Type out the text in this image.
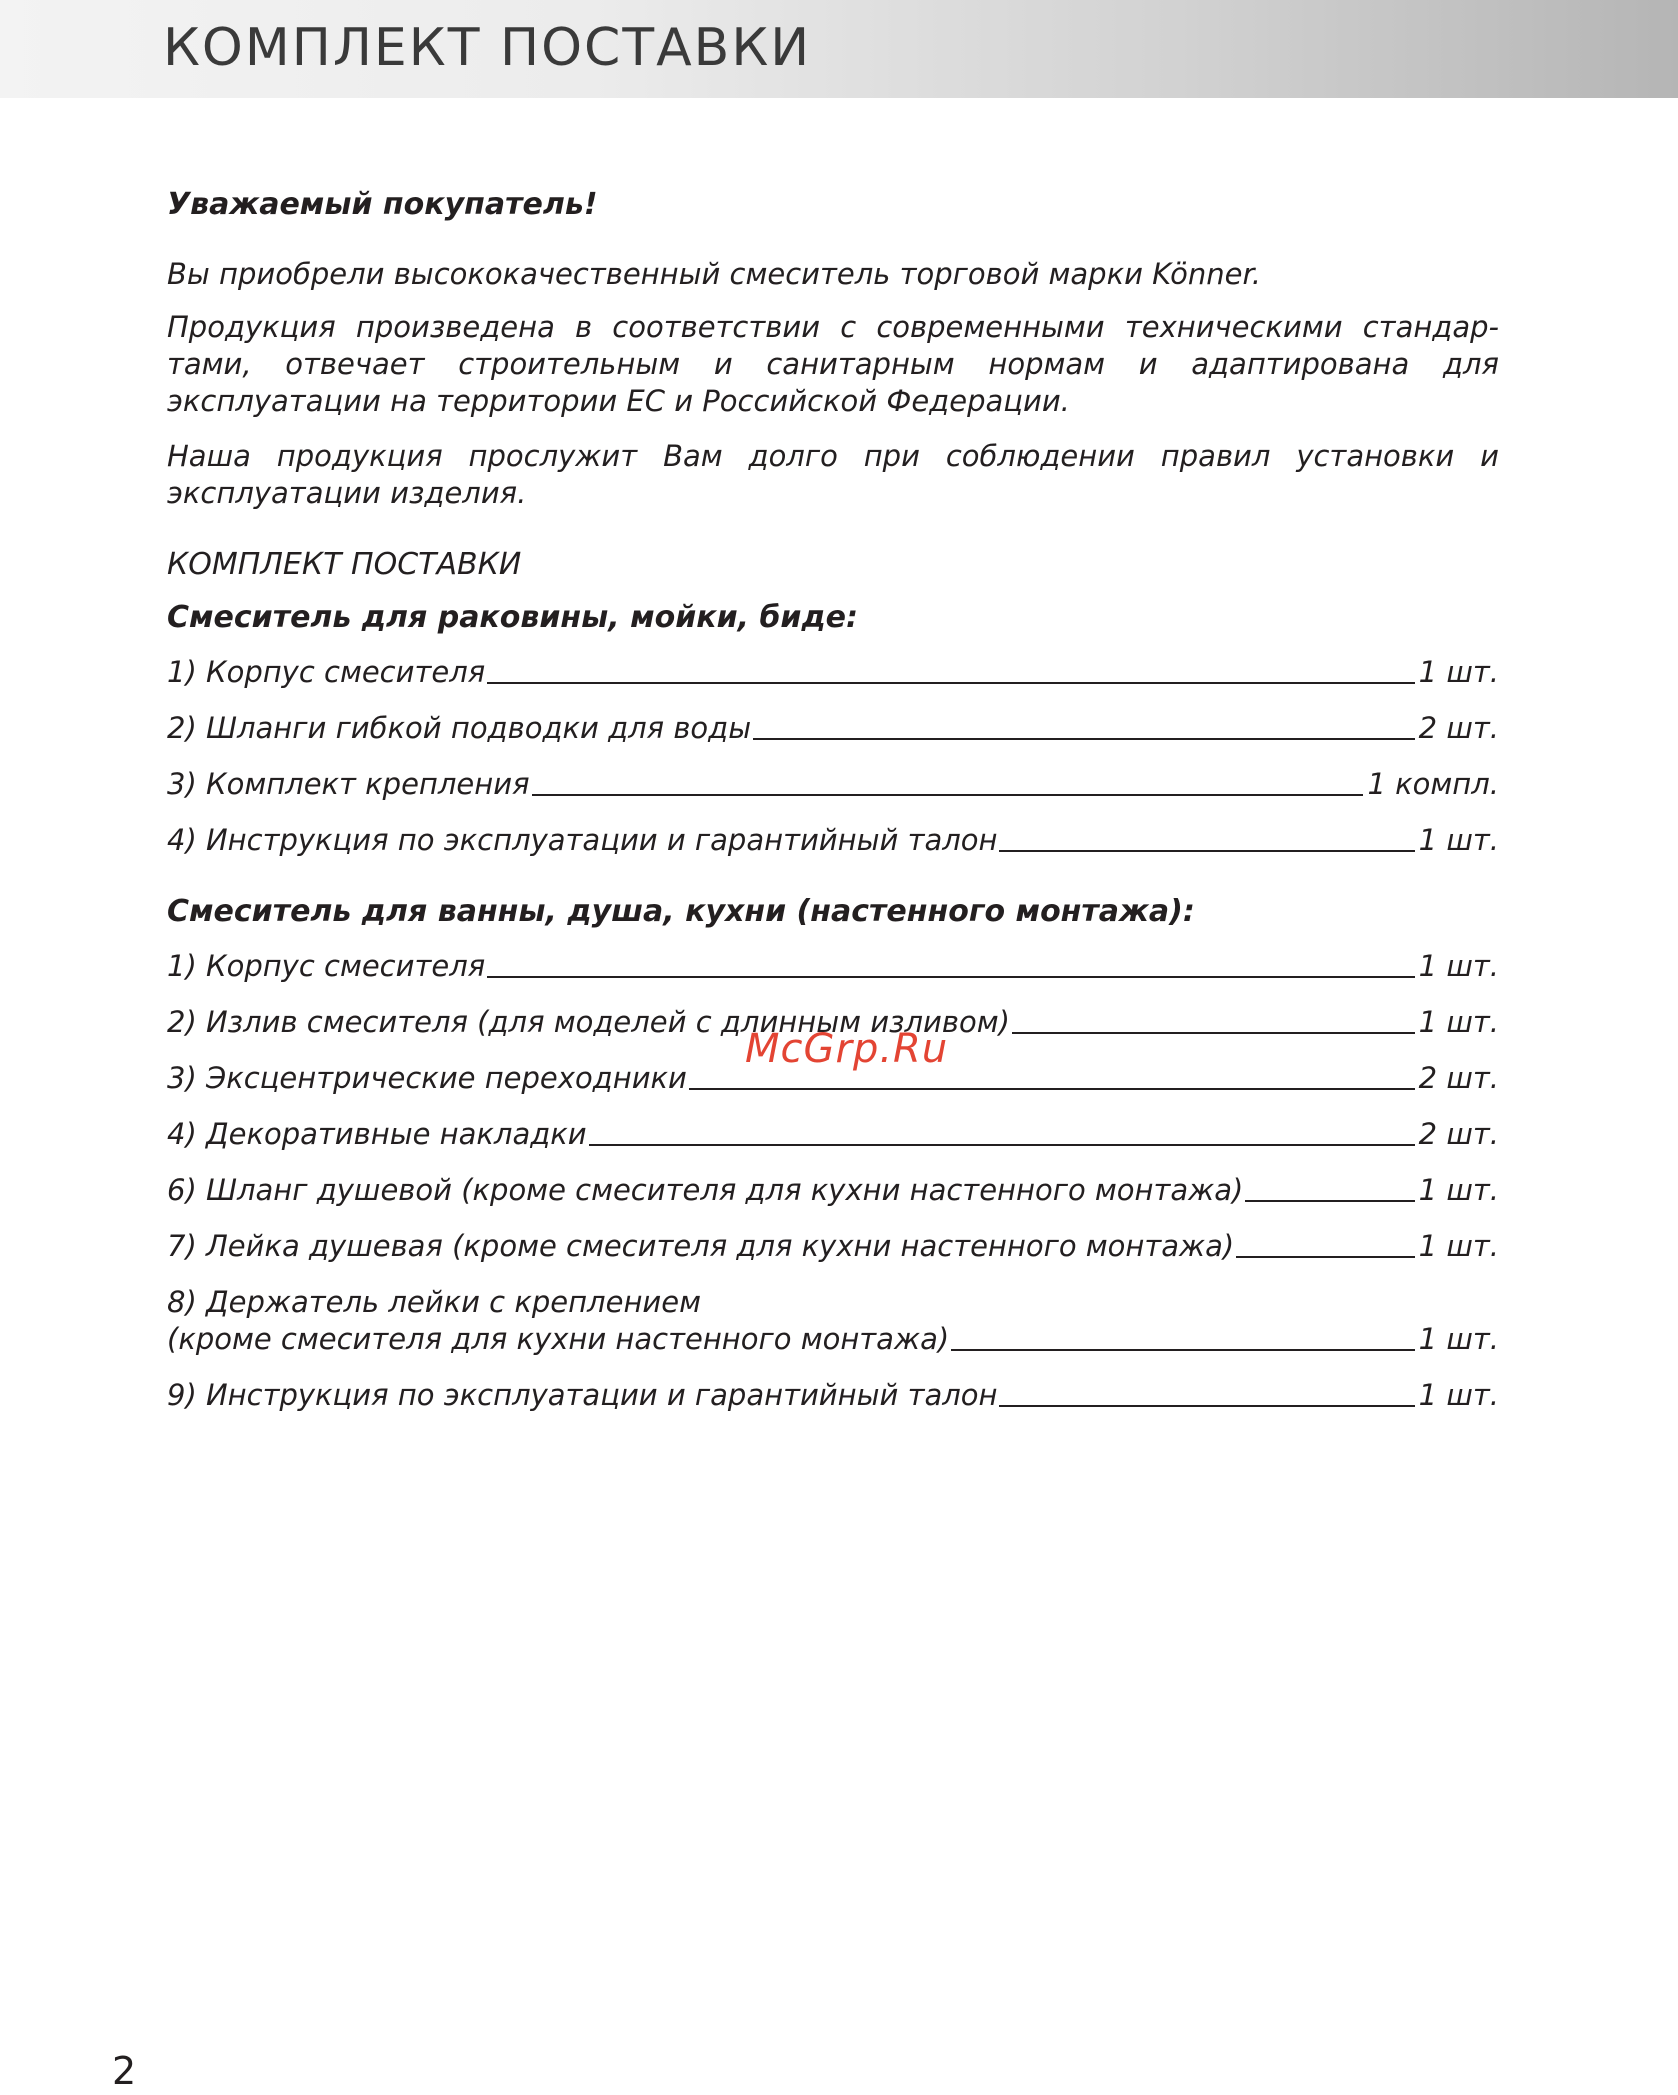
КОМПЛЕКТ ПОСТАВКИ
Уважаемый покупатель!
Вы приобрели высококачественный смеситель торговой марки Könner.
Продукция произведена в соответствии с современными техническими стандар-тами, отвечает строительным и санитарным нормам и адаптирована для эксплуатации на территории ЕС и Российской Федерации.
Наша продукция прослужит Вам долго при соблюдении правил установки и эксплуатации изделия.
КОМПЛЕКТ ПОСТАВКИ
Смеситель для раковины, мойки, биде:
1) Корпус смесителя	1 шт.
2) Шланги гибкой подводки для воды	2 шт.
3) Комплект крепления	1 компл.
4) Инструкция по эксплуатации и гарантийный талон	1 шт.
Смеситель для ванны, душа, кухни (настенного монтажа):
1) Корпус смесителя	1 шт.
2) Излив смесителя (для моделей с длинным изливом)	1 шт.
3) Эксцентрические переходники	2 шт.
4) Декоративные накладки	2 шт.
6) Шланг душевой (кроме смесителя для кухни настенного монтажа)	1 шт.
7) Лейка душевая (кроме смесителя для кухни настенного монтажа)	1 шт.
8) Держатель лейки с креплением
(кроме смесителя для кухни настенного монтажа)	1 шт.
9) Инструкция по эксплуатации и гарантийный талон	1 шт.
McGrp.Ru
2
